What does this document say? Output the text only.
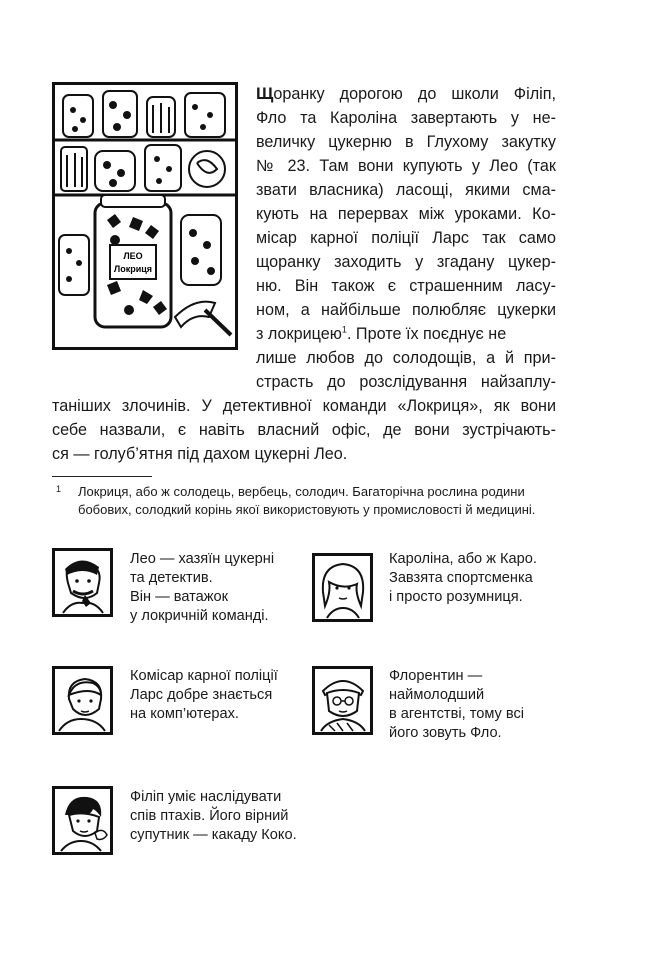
ЛЕО
Локриця
Щоранку дорогою до школи Філіп,
Фло та Кароліна завертають у не-
величку цукерню в Глухому закутку
№ 23. Там вони купують у Лео (так
звати власника) ласощі, якими сма-
кують на перервах між уроками. Ко-
місар карної поліції Ларс так само
щоранку заходить у згадану цукер-
ню. Він також є страшенним ласу-
ном, а найбільше полюбляє цукерки
з локрицею$^1$. Проте їх поєднує не
лише любов до солодощів, а й при-
страсть до розслідування найзаплу-
таніших злочинів. У детективної команди «Локриця», як вони
себе назвали, є навіть власний офіс, де вони зустрічають-
ся — голуб’ятня під дахом цукерні Лео.
1 Локриця, або ж солодець, вербець, солодич. Багаторічна рослина родини
бобових, солодкий корінь якої використовують у промисловості й медицині.
Лео — хазяїн цукерні
та детектив.
Він — ватажок
у локричній команді.
Кароліна, або ж Каро.
Завзята спортсменка
і просто розумниця.
Комісар карної поліції
Ларс добре знається
на комп’ютерах.
Флорентин —
наймолодший
в агентстві, тому всі
його зовуть Фло.
Філіп уміє наслідувати
спів птахів. Його вірний
супутник — какаду Коко.
